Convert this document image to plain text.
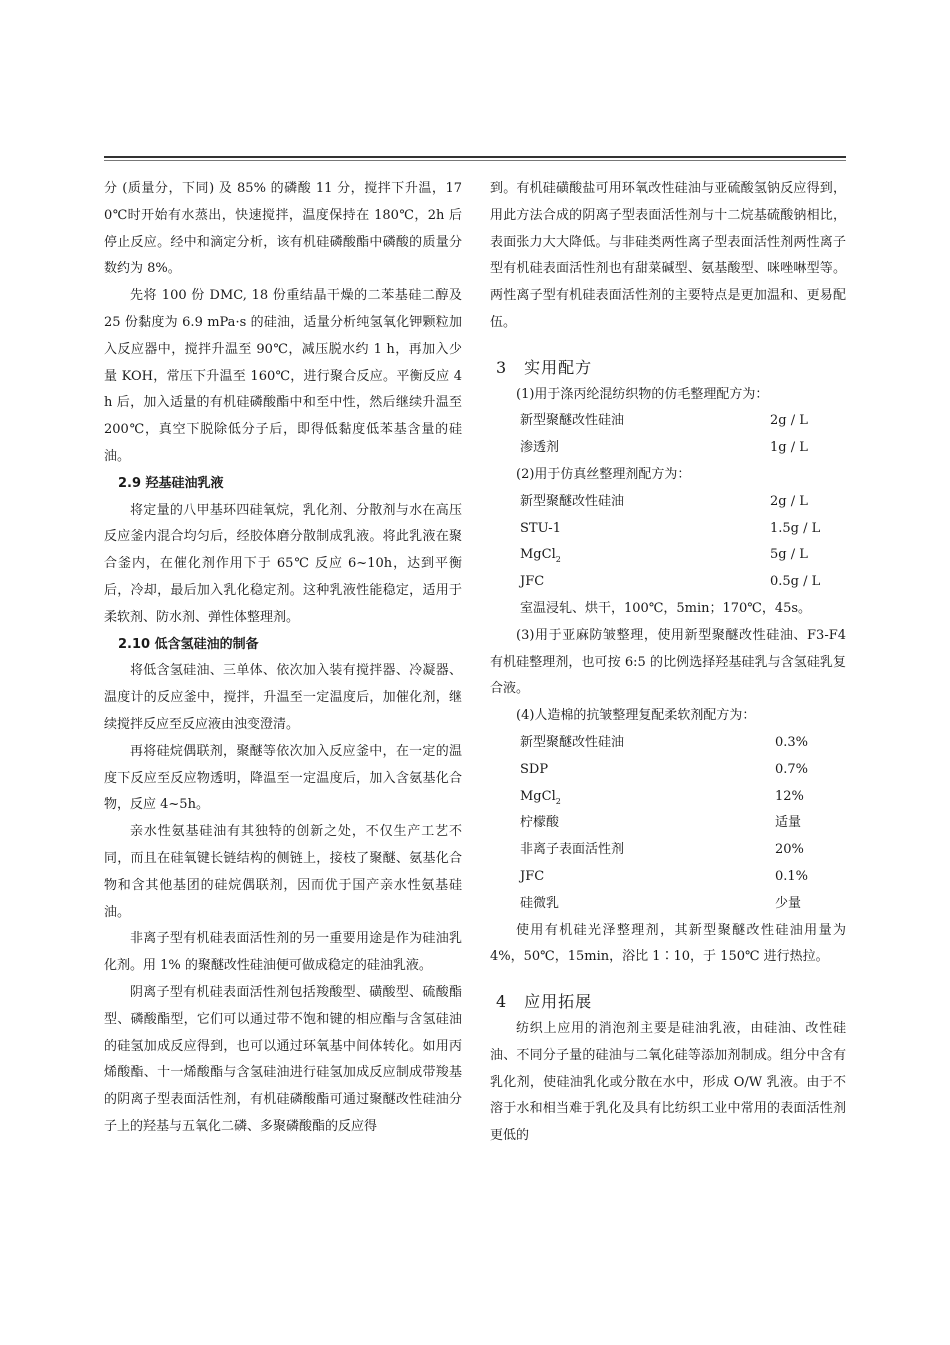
分 (质量分，下同) 及 85% 的磷酸 11 分，搅拌下升温，170℃时开始有水蒸出，快速搅拌，温度保持在 180℃，2h 后停止反应。经中和滴定分析，该有机硅磷酸酯中磷酸的质量分数约为 8%。

先将 100 份 DMC, 18 份重结晶干燥的二苯基硅二醇及 25 份黏度为 6.9 mPa·s 的硅油，适量分析纯氢氧化钾颗粒加入反应器中，搅拌升温至 90℃，减压脱水约 1 h，再加入少量 KOH，常压下升温至 160℃，进行聚合反应。平衡反应 4h 后，加入适量的有机硅磷酸酯中和至中性，然后继续升温至 200℃，真空下脱除低分子后，即得低黏度低苯基含量的硅油。

2.9 羟基硅油乳液

将定量的八甲基环四硅氧烷，乳化剂、分散剂与水在高压反应釜内混合均匀后，经胶体磨分散制成乳液。将此乳液在聚合釜内，在催化剂作用下于 65℃ 反应 6~10h，达到平衡后，冷却，最后加入乳化稳定剂。这种乳液性能稳定，适用于柔软剂、防水剂、弹性体整理剂。

2.10 低含氢硅油的制备

将低含氢硅油、三单体、依次加入装有搅拌器、冷凝器、温度计的反应釜中，搅拌，升温至一定温度后，加催化剂，继续搅拌反应至反应液由浊变澄清。

再将硅烷偶联剂，聚醚等依次加入反应釜中，在一定的温度下反应至反应物透明，降温至一定温度后，加入含氨基化合物，反应 4~5h。

亲水性氨基硅油有其独特的创新之处，不仅生产工艺不同，而且在硅氧键长链结构的侧链上，接枝了聚醚、氨基化合物和含其他基团的硅烷偶联剂，因而优于国产亲水性氨基硅油。

非离子型有机硅表面活性剂的另一重要用途是作为硅油乳化剂。用 1% 的聚醚改性硅油便可做成稳定的硅油乳液。

阴离子型有机硅表面活性剂包括羧酸型、磺酸型、硫酸酯型、磷酸酯型，它们可以通过带不饱和键的相应酯与含氢硅油的硅氢加成反应得到，也可以通过环氧基中间体转化。如用丙烯酸酯、十一烯酸酯与含氢硅油进行硅氢加成反应制成带羧基的阴离子型表面活性剂，有机硅磷酸酯可通过聚醚改性硅油分子上的羟基与五氧化二磷、多聚磷酸酯的反应得

到。有机硅磺酸盐可用环氧改性硅油与亚硫酸氢钠反应得到，用此方法合成的阴离子型表面活性剂与十二烷基硫酸钠相比，表面张力大大降低。与非硅类两性离子型表面活性剂两性离子型有机硅表面活性剂也有甜菜碱型、氨基酸型、咪唑啉型等。两性离子型有机硅表面活性剂的主要特点是更加温和、更易配伍。

3　实用配方

(1)用于涤丙纶混纺织物的仿毛整理配方为：

新型聚醚改性硅油	2g / L
渗透剂	1g / L

(2)用于仿真丝整理剂配方为：

新型聚醚改性硅油	2g / L
STU-1	1.5g / L
MgCl$_2$	5g / L
JFC	0.5g / L

室温浸轧、烘干，100℃，5min；170℃，45s。

(3)用于亚麻防皱整理，使用新型聚醚改性硅油、F3-F4 有机硅整理剂，也可按 6:5 的比例选择羟基硅乳与含氢硅乳复合液。

(4)人造棉的抗皱整理复配柔软剂配方为：

新型聚醚改性硅油	0.3%
SDP	0.7%
MgCl$_2$	12%
柠檬酸	适量
非离子表面活性剂	20%
JFC	0.1%
硅微乳	少量

使用有机硅光泽整理剂，其新型聚醚改性硅油用量为 4%，50℃，15min，浴比 1∶10，于 150℃ 进行热拉。

4　应用拓展

纺织上应用的消泡剂主要是硅油乳液，由硅油、改性硅油、不同分子量的硅油与二氧化硅等添加剂制成。组分中含有乳化剂，使硅油乳化或分散在水中，形成 O/W 乳液。由于不溶于水和相当难于乳化及具有比纺织工业中常用的表面活性剂更低的
